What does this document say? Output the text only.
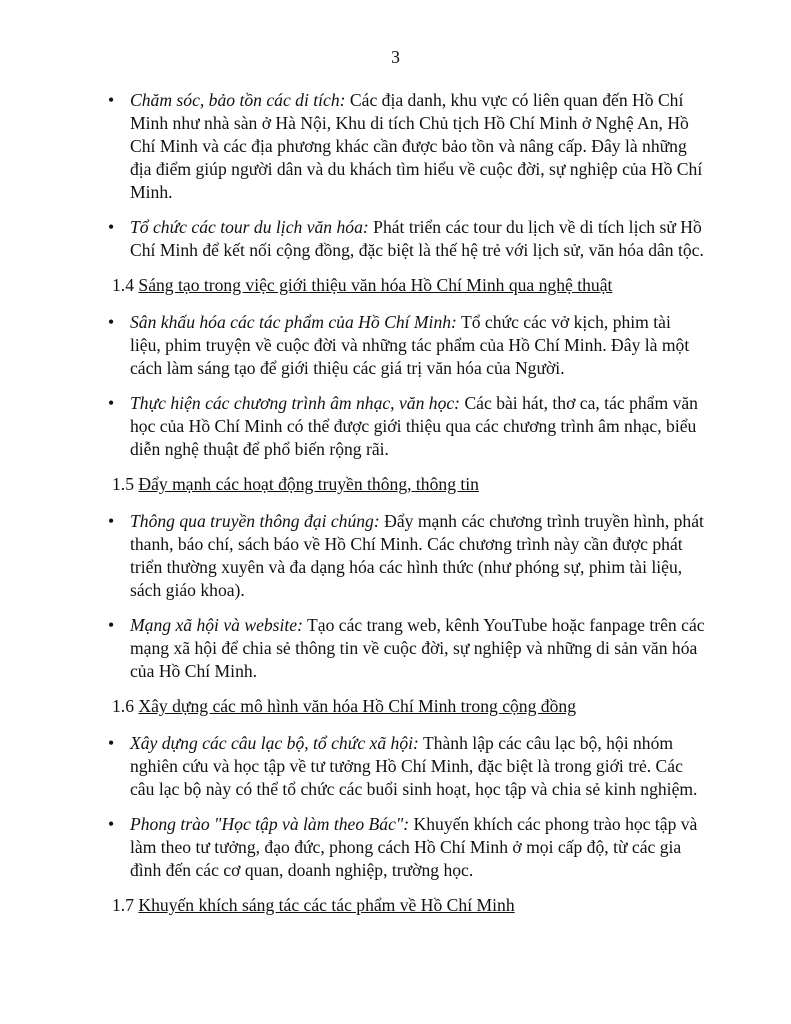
3
• Chăm sóc, bảo tồn các di tích: Các địa danh, khu vực có liên quan đến Hồ Chí Minh như nhà sàn ở Hà Nội, Khu di tích Chủ tịch Hồ Chí Minh ở Nghệ An, Hồ Chí Minh và các địa phương khác cần được bảo tồn và nâng cấp. Đây là những địa điểm giúp người dân và du khách tìm hiểu về cuộc đời, sự nghiệp của Hồ Chí Minh.
• Tổ chức các tour du lịch văn hóa: Phát triển các tour du lịch về di tích lịch sử Hồ Chí Minh để kết nối cộng đồng, đặc biệt là thế hệ trẻ với lịch sử, văn hóa dân tộc.
1.4 Sáng tạo trong việc giới thiệu văn hóa Hồ Chí Minh qua nghệ thuật
• Sân khấu hóa các tác phẩm của Hồ Chí Minh: Tổ chức các vở kịch, phim tài liệu, phim truyện về cuộc đời và những tác phẩm của Hồ Chí Minh. Đây là một cách làm sáng tạo để giới thiệu các giá trị văn hóa của Người.
• Thực hiện các chương trình âm nhạc, văn học: Các bài hát, thơ ca, tác phẩm văn học của Hồ Chí Minh có thể được giới thiệu qua các chương trình âm nhạc, biểu diễn nghệ thuật để phổ biến rộng rãi.
1.5 Đẩy mạnh các hoạt động truyền thông, thông tin
• Thông qua truyền thông đại chúng: Đẩy mạnh các chương trình truyền hình, phát thanh, báo chí, sách báo về Hồ Chí Minh. Các chương trình này cần được phát triển thường xuyên và đa dạng hóa các hình thức (như phóng sự, phim tài liệu, sách giáo khoa).
• Mạng xã hội và website: Tạo các trang web, kênh YouTube hoặc fanpage trên các mạng xã hội để chia sẻ thông tin về cuộc đời, sự nghiệp và những di sản văn hóa của Hồ Chí Minh.
1.6 Xây dựng các mô hình văn hóa Hồ Chí Minh trong cộng đồng
• Xây dựng các câu lạc bộ, tổ chức xã hội: Thành lập các câu lạc bộ, hội nhóm nghiên cứu và học tập về tư tưởng Hồ Chí Minh, đặc biệt là trong giới trẻ. Các câu lạc bộ này có thể tổ chức các buổi sinh hoạt, học tập và chia sẻ kinh nghiệm.
• Phong trào "Học tập và làm theo Bác": Khuyến khích các phong trào học tập và làm theo tư tưởng, đạo đức, phong cách Hồ Chí Minh ở mọi cấp độ, từ các gia đình đến các cơ quan, doanh nghiệp, trường học.
1.7 Khuyến khích sáng tác các tác phẩm về Hồ Chí Minh
